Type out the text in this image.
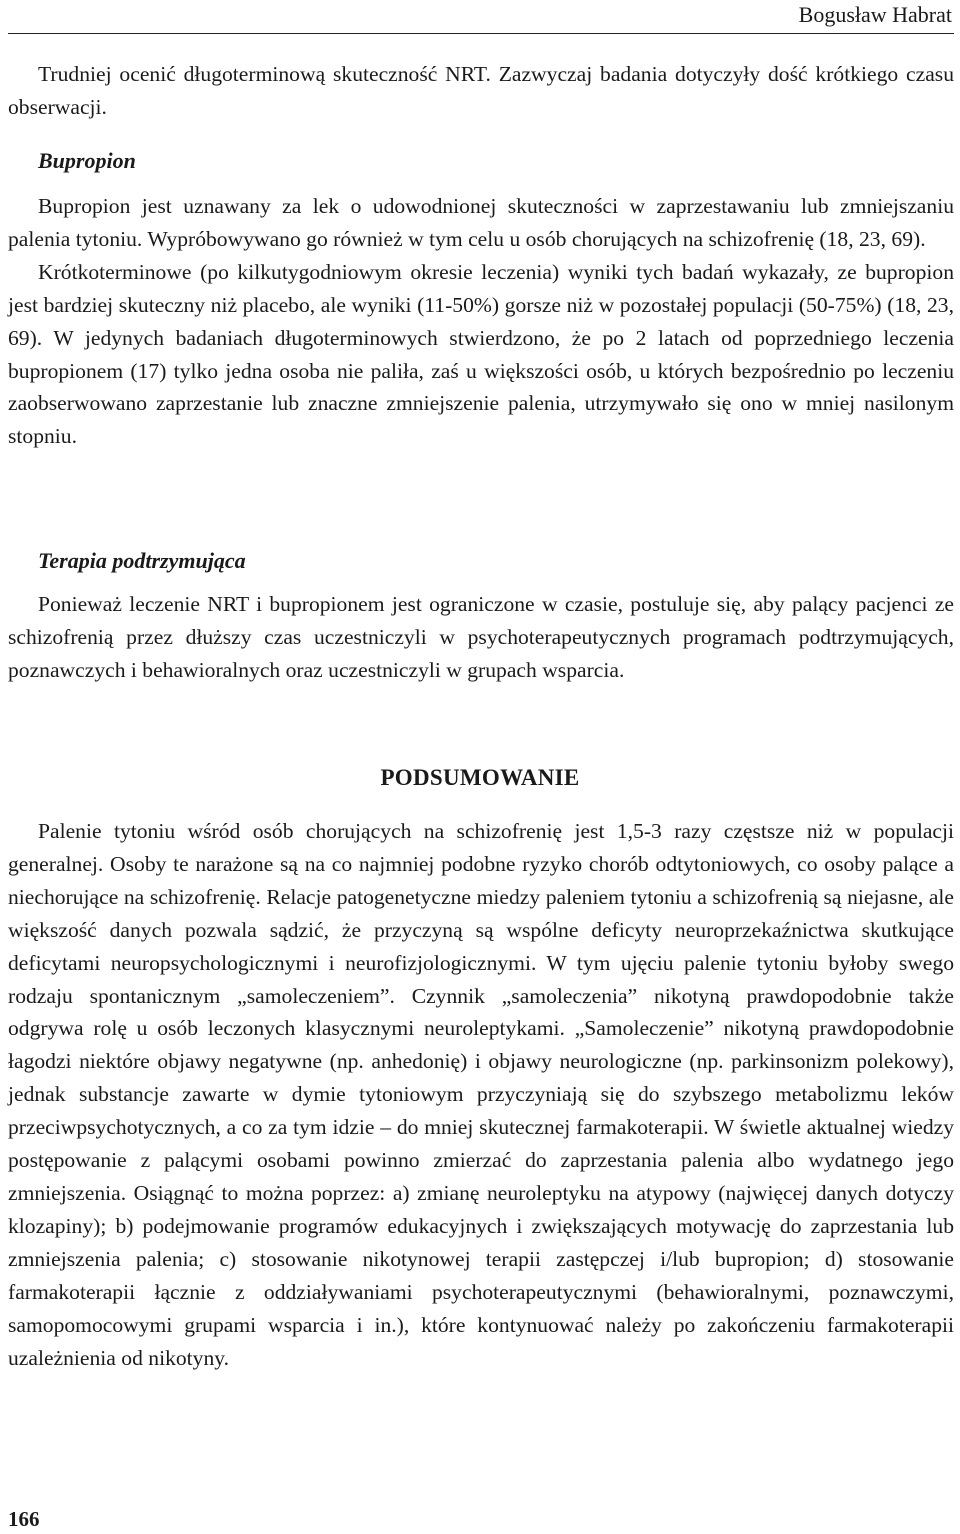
Bogusław Habrat

Trudniej ocenić długoterminową skuteczność NRT. Zazwyczaj badania dotyczyły dość krótkiego czasu obserwacji.

Bupropion

Bupropion jest uznawany za lek o udowodnionej skuteczności w zaprzestawaniu lub zmniejszaniu palenia tytoniu. Wypróbowywano go również w tym celu u osób chorujących na schizofrenię (18, 23, 69).

Krótkoterminowe (po kilkutygodniowym okresie leczenia) wyniki tych badań wykazały, ze bupropion jest bardziej skuteczny niż placebo, ale wyniki (11-50%) gorsze niż w pozostałej populacji (50-75%) (18, 23, 69). W jedynych badaniach długoterminowych stwierdzono, że po 2 latach od poprzedniego leczenia bupropionem (17) tylko jedna osoba nie paliła, zaś u większości osób, u których bezpośrednio po leczeniu zaobserwowano zaprzestanie lub znaczne zmniejszenie palenia, utrzymywało się ono w mniej nasilonym stopniu.

Terapia podtrzymująca

Ponieważ leczenie NRT i bupropionem jest ograniczone w czasie, postuluje się, aby palący pacjenci ze schizofrenią przez dłuższy czas uczestniczyli w psychoterapeutycznych programach podtrzymujących, poznawczych i behawioralnych oraz uczestniczyli w grupach wsparcia.

PODSUMOWANIE

Palenie tytoniu wśród osób chorujących na schizofrenię jest 1,5-3 razy częstsze niż w populacji generalnej. Osoby te narażone są na co najmniej podobne ryzyko chorób odtytoniowych, co osoby palące a niechorujące na schizofrenię. Relacje patogenetyczne miedzy paleniem tytoniu a schizofrenią są niejasne, ale większość danych pozwala sądzić, że przyczyną są wspólne deficyty neuroprzekaźnictwa skutkujące deficytami neuropsychologicznymi i neurofizjologicznymi. W tym ujęciu palenie tytoniu byłoby swego rodzaju spontanicznym „samoleczeniem”. Czynnik „samoleczenia” nikotyną prawdopodobnie także odgrywa rolę u osób leczonych klasycznymi neuroleptykami. „Samoleczenie” nikotyną prawdopodobnie łagodzi niektóre objawy negatywne (np. anhedonię) i objawy neurologiczne (np. parkinsonizm polekowy), jednak substancje zawarte w dymie tytoniowym przyczyniają się do szybszego metabolizmu leków przeciwpsychotycznych, a co za tym idzie – do mniej skutecznej farmakoterapii. W świetle aktualnej wiedzy postępowanie z palącymi osobami powinno zmierzać do zaprzestania palenia albo wydatnego jego zmniejszenia. Osiągnąć to można poprzez: a) zmianę neuroleptyku na atypowy (najwięcej danych dotyczy klozapiny); b) podejmowanie programów edukacyjnych i zwiększających motywację do zaprzestania lub zmniejszenia palenia; c) stosowanie nikotynowej terapii zastępczej i/lub bupropion; d) stosowanie farmakoterapii łącznie z oddziaływaniami psychoterapeutycznymi (behawioralnymi, poznawczymi, samopomocowymi grupami wsparcia i in.), które kontynuować należy po zakończeniu farmakoterapii uzależnienia od nikotyny.

166
